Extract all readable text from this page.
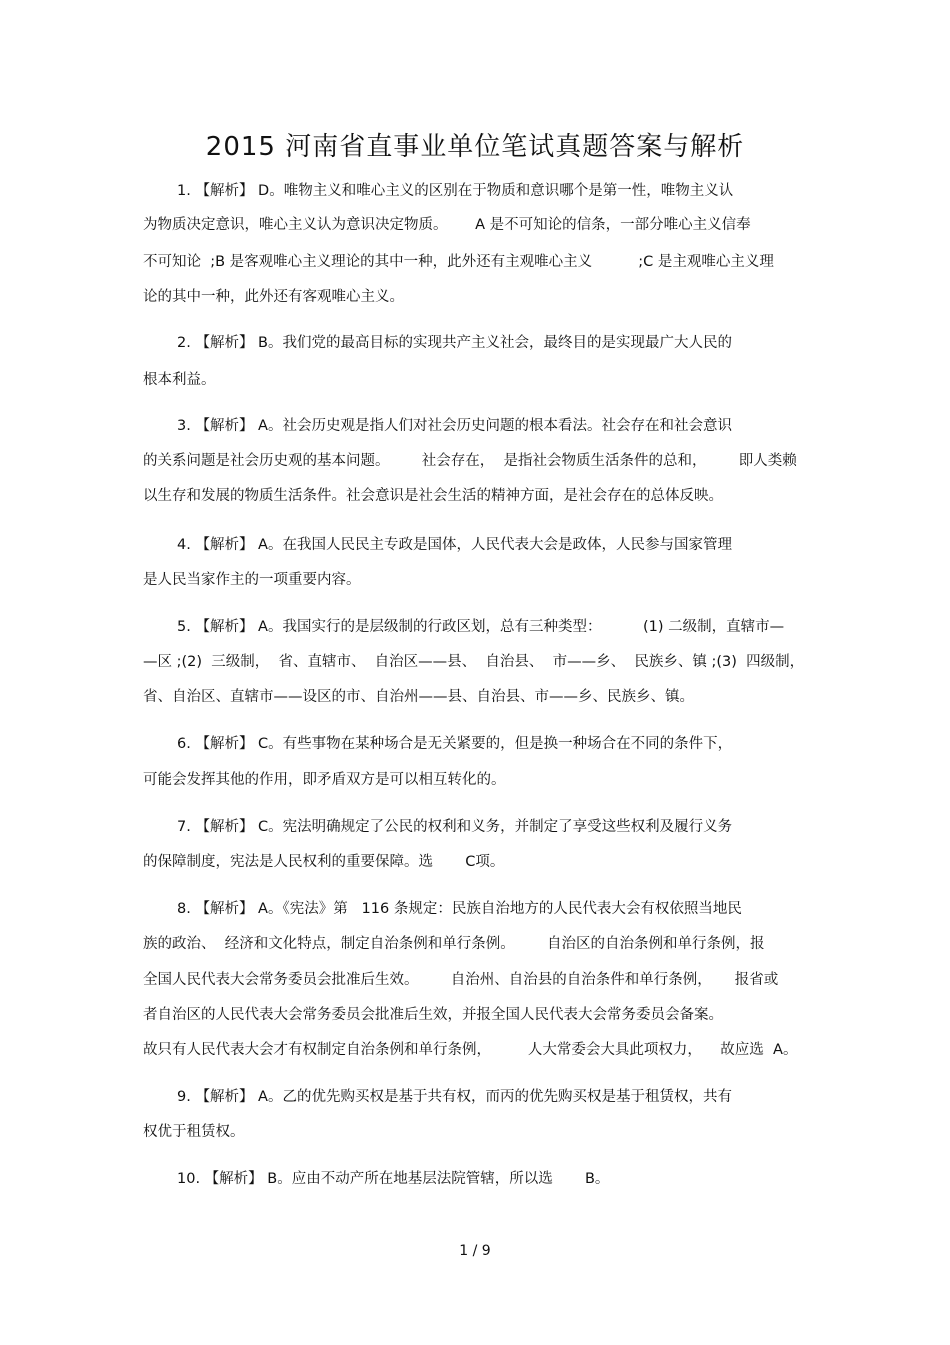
2015 河南省直事业单位笔试真题答案与解析
1. 【解析】 D。唯物主义和唯心主义的区别在于物质和意识哪个是第一性，唯物主义认
为物质决定意识，唯心主义认为意识决定物质。      A 是不可知论的信条，一部分唯心主义信奉
不可知论  ;B 是客观唯心主义理论的其中一种，此外还有主观唯心主义          ;C 是主观唯心主义理
论的其中一种，此外还有客观唯心主义。
2. 【解析】 B。我们党的最高目标的实现共产主义社会，最终目的是实现最广大人民的
根本利益。
3. 【解析】 A。社会历史观是指人们对社会历史问题的根本看法。社会存在和社会意识
的关系问题是社会历史观的基本问题。       社会存在，  是指社会物质生活条件的总和，       即人类赖
以生存和发展的物质生活条件。社会意识是社会生活的精神方面，是社会存在的总体反映。
4. 【解析】 A。在我国人民民主专政是国体，人民代表大会是政体，人民参与国家管理
是人民当家作主的一项重要内容。
5. 【解析】 A。我国实行的是层级制的行政区划，总有三种类型：         (1) 二级制，直辖市—
—区 ;(2)  三级制，  省、直辖市、  自治区——县、  自治县、  市——乡、  民族乡、镇 ;(3)  四级制，
省、自治区、直辖市——设区的市、自治州——县、自治县、市——乡、民族乡、镇。
6. 【解析】 C。有些事物在某种场合是无关紧要的，但是换一种场合在不同的条件下，
可能会发挥其他的作用，即矛盾双方是可以相互转化的。
7. 【解析】 C。宪法明确规定了公民的权利和义务，并制定了享受这些权利及履行义务
的保障制度，宪法是人民权利的重要保障。选       C项。
8. 【解析】 A。《宪法》第   116 条规定：民族自治地方的人民代表大会有权依照当地民
族的政治、  经济和文化特点，制定自治条例和单行条例。       自治区的自治条例和单行条例，报
全国人民代表大会常务委员会批准后生效。       自治州、自治县的自治条件和单行条例，     报省或
者自治区的人民代表大会常务委员会批准后生效，并报全国人民代表大会常务委员会备案。
故只有人民代表大会才有权制定自治条例和单行条例，        人大常委会大具此项权力，    故应选  A。
9. 【解析】 A。乙的优先购买权是基于共有权，而丙的优先购买权是基于租赁权，共有
权优于租赁权。
10. 【解析】 B。应由不动产所在地基层法院管辖，所以选       B。
1 / 9
